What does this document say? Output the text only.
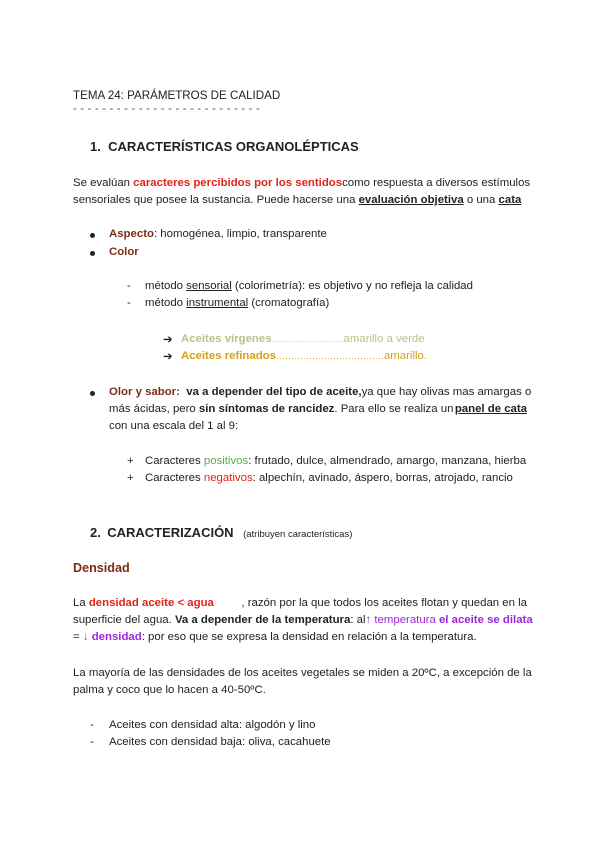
TEMA 24: PARÁMETROS DE CALIDAD
- - - - - - - - - - - - - - - - - - - - - - - - - -
1. CARACTERÍSTICAS ORGANOLÉPTICAS
Se evalúan caracteres percibidos por los sentidos como respuesta a diversos estímulos
sensoriales que posee la sustancia. Puede hacerse una evaluación objetiva o una cata
Aspecto: homogénea, limpio, transparente
Color
- método sensorial (colorimetría): es objetivo y no refleja la calidad
- método instrumental (cromatografía)
➔ Aceites vírgenes……………………amarillo a verde
➔ Aceites refinados………………………………amarillo.
Olor y sabor: va a depender del tipo de aceite, ya que hay olivas mas amargas o
más ácidas, pero sin síntomas de rancidez. Para ello se realiza un panel de cata
con una escala del 1 al 9:
+ Caracteres positivos: frutado, dulce, almendrado, amargo, manzana, hierba
+ Caracteres negativos: alpechín, avinado, áspero, borras, atrojado, rancio
2. CARACTERIZACIÓN (atribuyen características)
Densidad
La densidad aceite < agua , razón por la que todos los aceites flotan y quedan en la
superficie del agua. Va a depender de la temperatura: al ↑ temperatura el aceite se dilata
= ↓ densidad: por eso que se expresa la densidad en relación a la temperatura.
La mayoría de las densidades de los aceites vegetales se miden a 20ºC, a excepción de la
palma y coco que lo hacen a 40-50ºC.
- Aceites con densidad alta: algodón y lino
- Aceites con densidad baja: oliva, cacahuete
